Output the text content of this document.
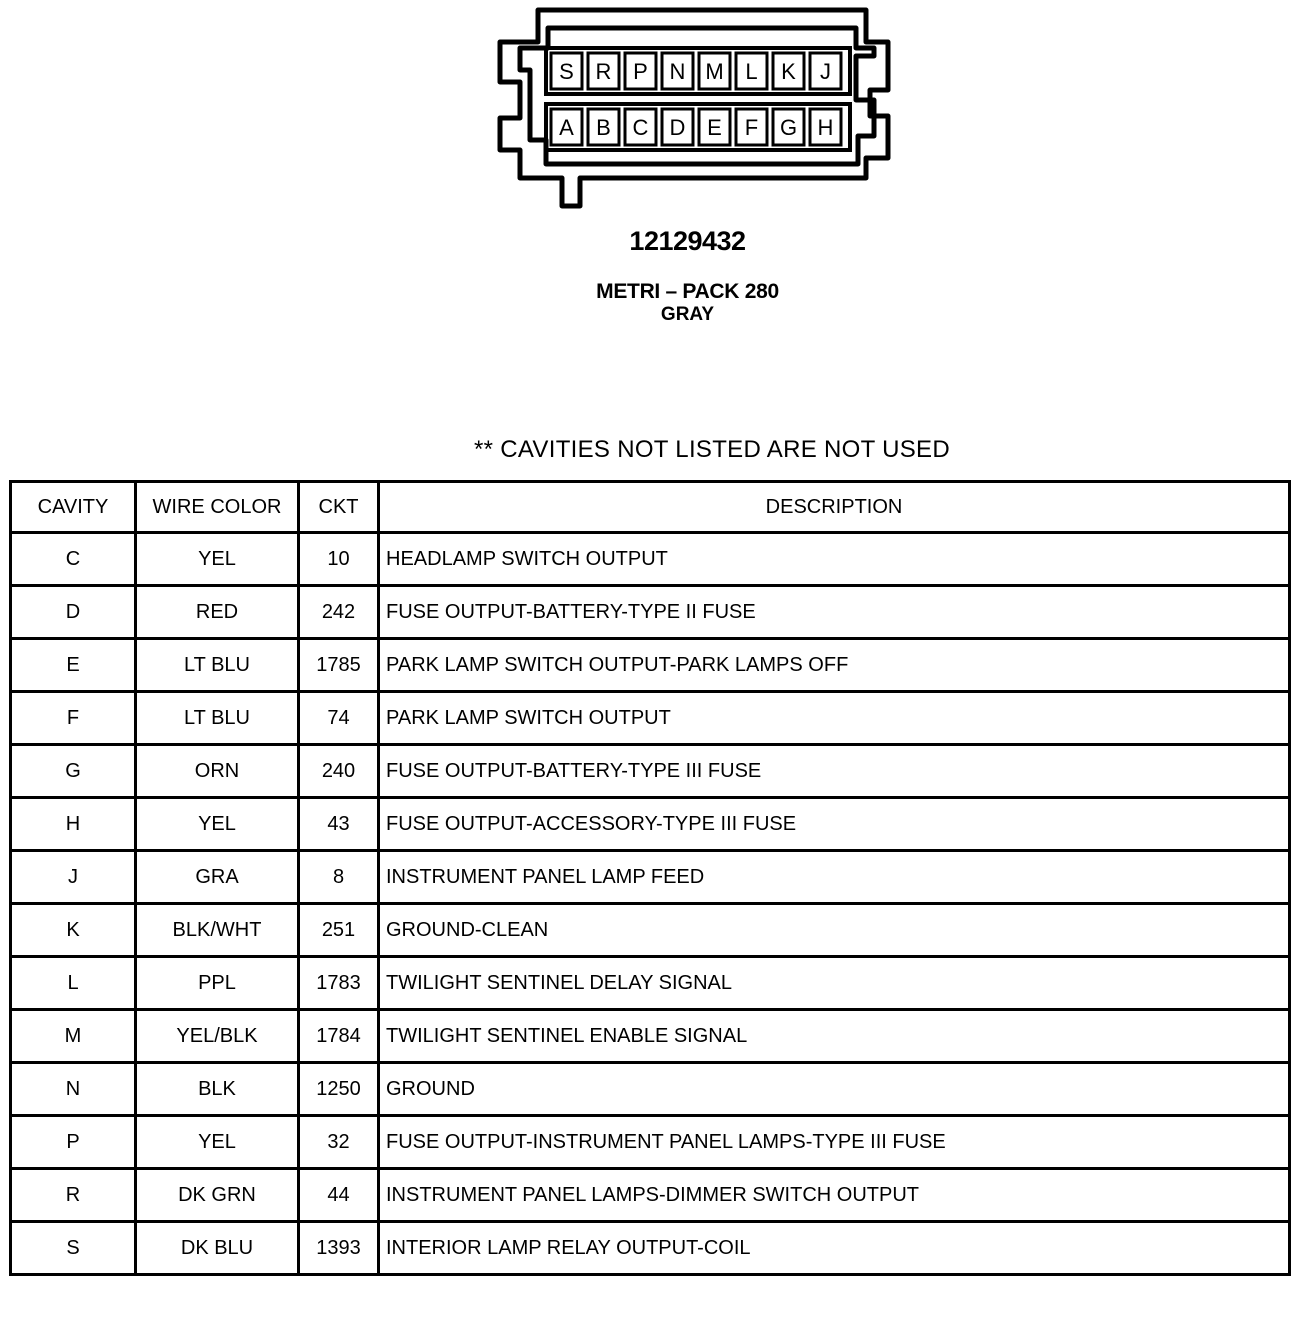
S R P N M L K J
A B C D E F G H
12129432
METRI – PACK 280
GRAY
** CAVITIES NOT LISTED ARE NOT USED
CAVITY	WIRE COLOR	CKT	DESCRIPTION
C	YEL	10	HEADLAMP SWITCH OUTPUT
D	RED	242	FUSE OUTPUT-BATTERY-TYPE II FUSE
E	LT BLU	1785	PARK LAMP SWITCH OUTPUT-PARK LAMPS OFF
F	LT BLU	74	PARK LAMP SWITCH OUTPUT
G	ORN	240	FUSE OUTPUT-BATTERY-TYPE III FUSE
H	YEL	43	FUSE OUTPUT-ACCESSORY-TYPE III FUSE
J	GRA	8	INSTRUMENT PANEL LAMP FEED
K	BLK/WHT	251	GROUND-CLEAN
L	PPL	1783	TWILIGHT SENTINEL DELAY SIGNAL
M	YEL/BLK	1784	TWILIGHT SENTINEL ENABLE SIGNAL
N	BLK	1250	GROUND
P	YEL	32	FUSE OUTPUT-INSTRUMENT PANEL LAMPS-TYPE III FUSE
R	DK GRN	44	INSTRUMENT PANEL LAMPS-DIMMER SWITCH OUTPUT
S	DK BLU	1393	INTERIOR LAMP RELAY OUTPUT-COIL
